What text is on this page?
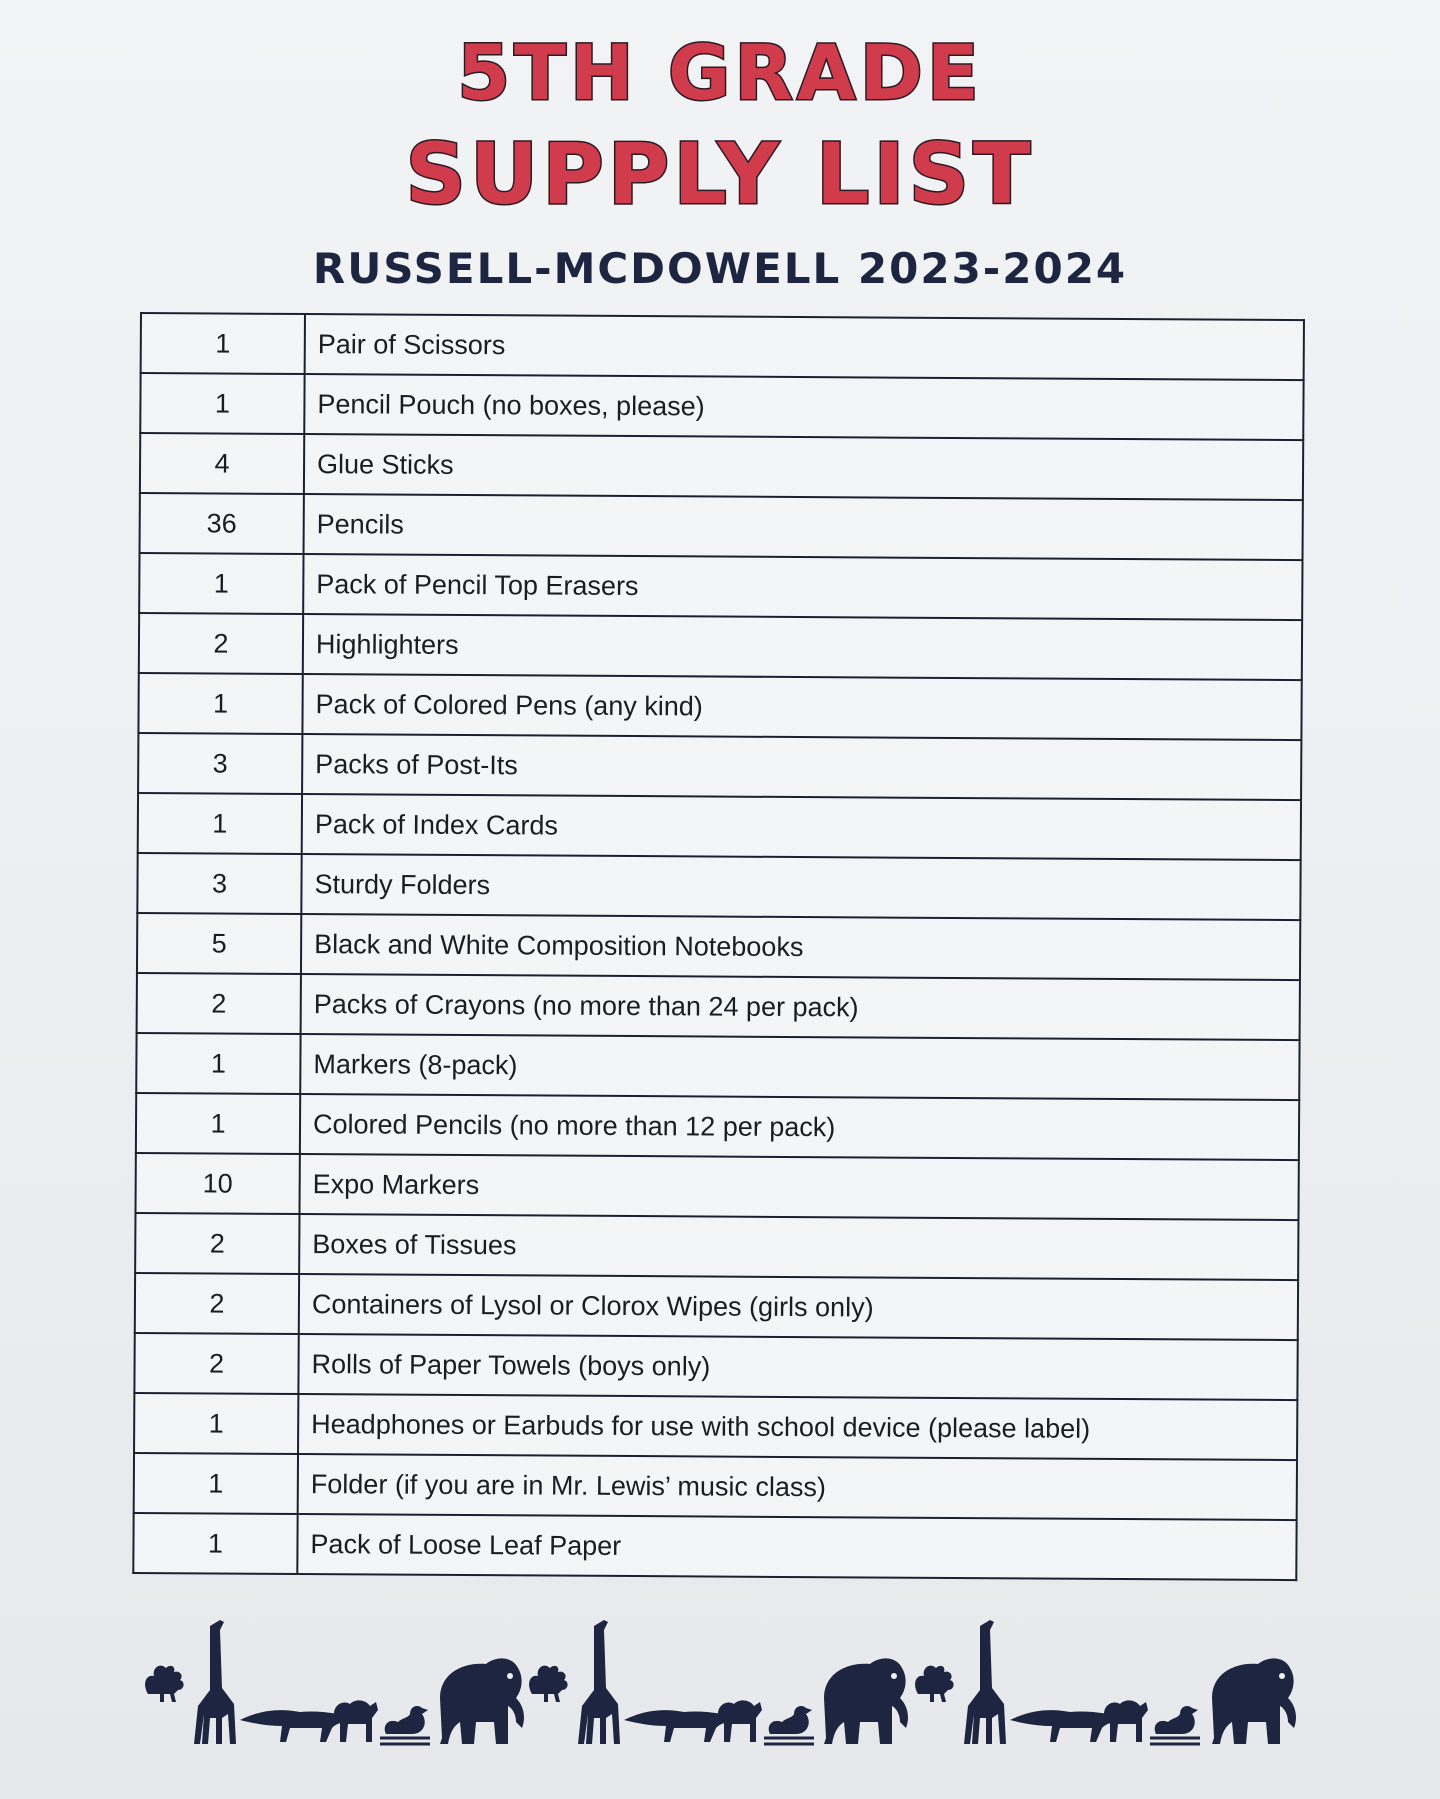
5TH GRADE
SUPPLY LIST
RUSSELL-MCDOWELL 2023-2024
1	Pair of Scissors
1	Pencil Pouch (no boxes, please)
4	Glue Sticks
36	Pencils
1	Pack of Pencil Top Erasers
2	Highlighters
1	Pack of Colored Pens (any kind)
3	Packs of Post-Its
1	Pack of Index Cards
3	Sturdy Folders
5	Black and White Composition Notebooks
2	Packs of Crayons (no more than 24 per pack)
1	Markers (8-pack)
1	Colored Pencils (no more than 12 per pack)
10	Expo Markers
2	Boxes of Tissues
2	Containers of Lysol or Clorox Wipes (girls only)
2	Rolls of Paper Towels (boys only)
1	Headphones or Earbuds for use with school device (please label)
1	Folder (if you are in Mr. Lewis’ music class)
1	Pack of Loose Leaf Paper
